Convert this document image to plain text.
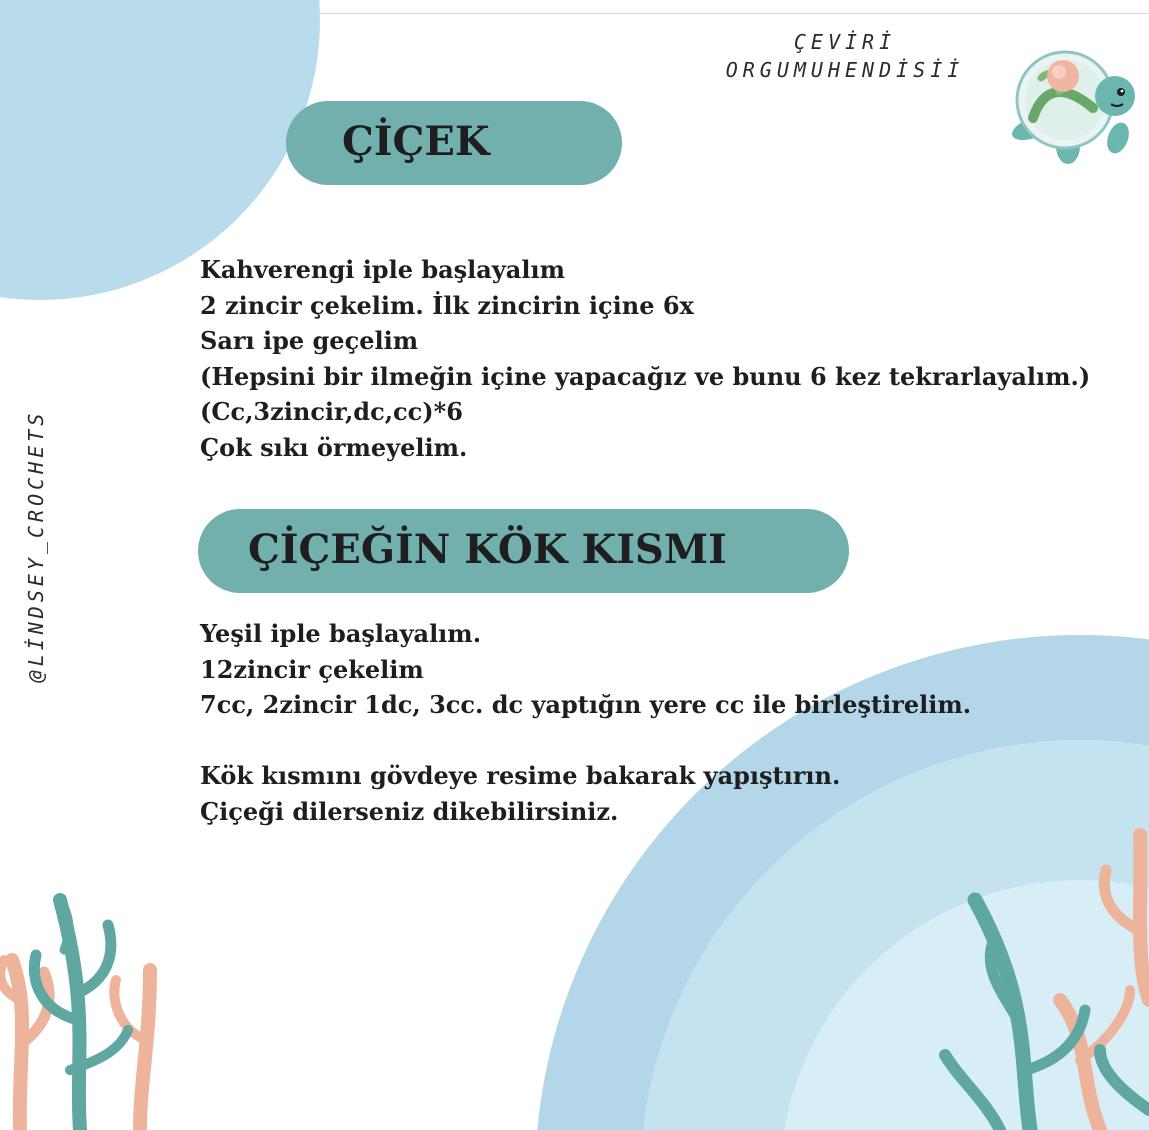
ÇEVİRİ
ORGUMUHENDİSİİ
@LİNDSEY_CROCHETS
ÇİÇEK
Kahverengi iple başlayalım
2 zincir çekelim. İlk zincirin içine 6x
Sarı ipe geçelim
(Hepsini bir ilmeğin içine yapacağız ve bunu 6 kez tekrarlayalım.)
(Cc,3zincir,dc,cc)*6
Çok sıkı örmeyelim.
ÇİÇEĞİN KÖK KISMI
Yeşil iple başlayalım.
12zincir çekelim
7cc, 2zincir 1dc, 3cc. dc yaptığın yere cc ile birleştirelim.
Kök kısmını gövdeye resime bakarak yapıştırın.
Çiçeği dilerseniz dikebilirsiniz.
